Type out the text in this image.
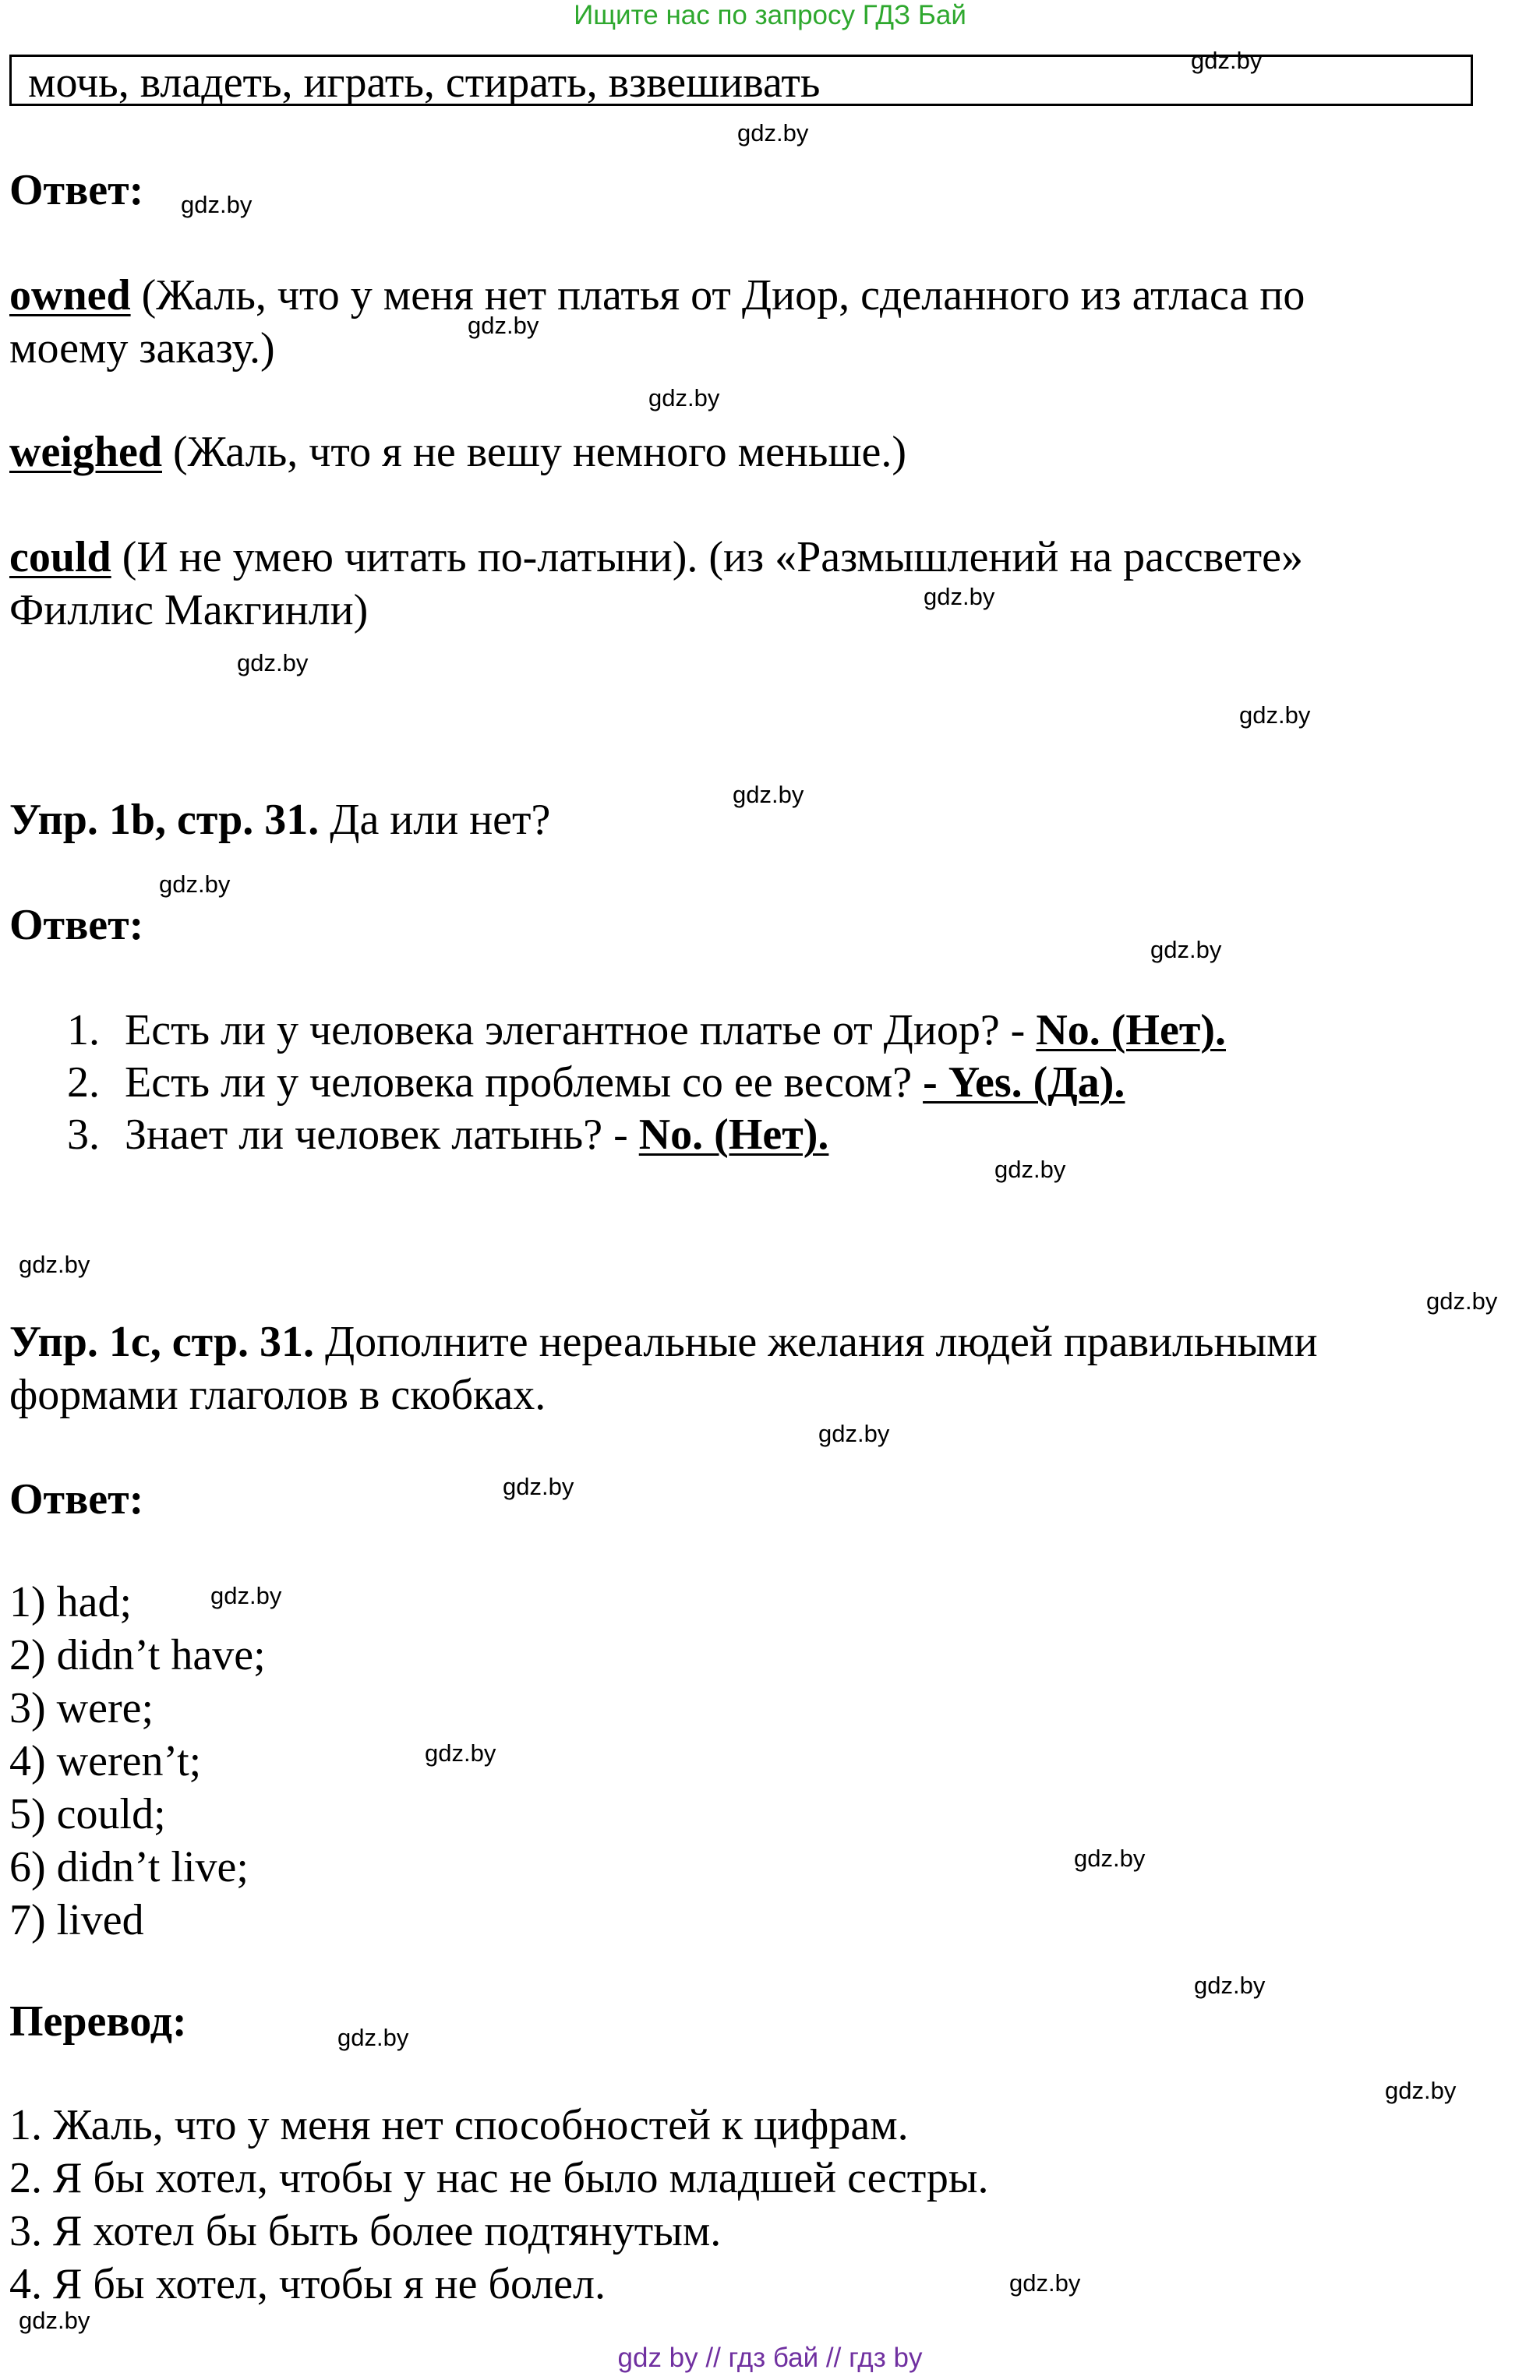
Ищите нас по запросу ГДЗ Бай
мочь, владеть, играть, стирать, взвешивать
Ответ:
owned (Жаль, что у меня нет платья от Диор, сделанного из атласа по
моему заказу.)
weighed (Жаль, что я не вешу немного меньше.)
could (И не умею читать по-латыни). (из «Размышлений на рассвете»
Филлис Макгинли)
Упр. 1b, стр. 31. Да или нет?
Ответ:
1. Есть ли у человека элегантное платье от Диор? - No. (Нет).
2. Есть ли у человека проблемы со ее весом? - Yes. (Да).
3. Знает ли человек латынь? - No. (Нет).
Упр. 1c, стр. 31. Дополните нереальные желания людей правильными
формами глаголов в скобках.
Ответ:
1) had;
2) didn’t have;
3) were;
4) weren’t;
5) could;
6) didn’t live;
7) lived
Перевод:
1. Жаль, что у меня нет способностей к цифрам.
2. Я бы хотел, чтобы у нас не было младшей сестры.
3. Я хотел бы быть более подтянутым.
4. Я бы хотел, чтобы я не болел.
gdz.by
gdz.by
gdz.by
gdz.by
gdz.by
gdz.by
gdz.by
gdz.by
gdz.by
gdz.by
gdz.by
gdz.by
gdz.by
gdz.by
gdz.by
gdz.by
gdz.by
gdz.by
gdz.by
gdz.by
gdz.by
gdz.by
gdz.by
gdz.by
gdz by // гдз бай // гдз by
